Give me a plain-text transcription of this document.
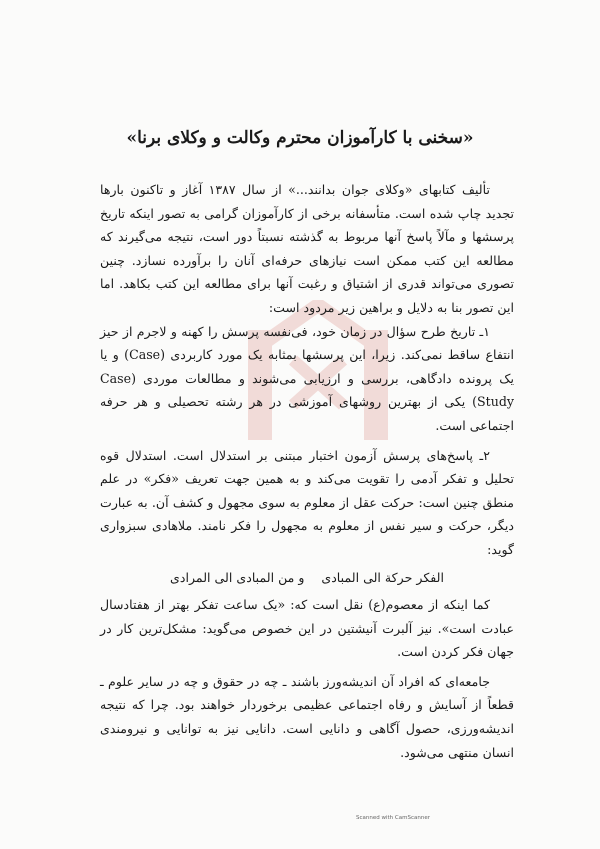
«سخنی با کارآموزان محترم وکالت و وکلای برنا»

تألیف کتابهای «وکلای جوان بدانند...» از سال ۱۳۸۷ آغاز و تاکنون بارها تجدید چاپ شده است. متأسفانه برخی از کارآموزان گرامی به تصور اینکه تاریخ پرسشها و مآلاً پاسخ آنها مربوط به گذشته نسبتاً دور است، نتیجه می‌گیرند که مطالعه این کتب ممکن است نیازهای حرفه‌ای آنان را برآورده نسازد. چنین تصوری می‌تواند قدری از اشتیاق و رغبت آنها برای مطالعه این کتب بکاهد. اما این تصور بنا به دلایل و براهین زیر مردود است:

۱ـ تاریخ طرح سؤال در زمان خود، فی‌نفسه پرسش را کهنه و لاجرم از حیز انتفاع ساقط نمی‌کند. زیرا، این پرسشها بمثابه یک مورد کاربردی (Case) و یا یک پرونده دادگاهی، بررسی و ارزیابی می‌شوند و مطالعات موردی (Case Study) یکی از بهترین روشهای آموزشی در هر رشته تحصیلی و هر حرفه اجتماعی است.

۲ـ پاسخ‌های پرسش آزمون اختبار مبتنی بر استدلال است. استدلال قوه تحلیل و تفکر آدمی را تقویت می‌کند و به همین جهت تعریف «فکر» در علم منطق چنین است: حرکت عقل از معلوم به سوی مجهول و کشف آن. به عبارت دیگر، حرکت و سیر نفس از معلوم به مجهول را فکر نامند. ملاهادی سبزواری گوید:

الفكر حركة الى المبادى
و من المبادى الى المرادى

کما اینکه از معصوم(ع) نقل است که: «یک ساعت تفکر بهتر از هفتادسال عبادت است». نیز آلبرت آنیشتین در این خصوص می‌گوید: مشکل‌ترین کار در جهان فکر کردن است.

جامعه‌ای که افراد آن اندیشه‌ورز باشند ـ چه در حقوق و چه در سایر علوم ـ قطعاً از آسایش و رفاه اجتماعی عظیمی برخوردار خواهند بود. چرا که نتیجه اندیشه‌ورزی، حصول آگاهی و دانایی است. دانایی نیز به توانایی و نیرومندی انسان منتهی می‌شود.

Scanned with CamScanner
